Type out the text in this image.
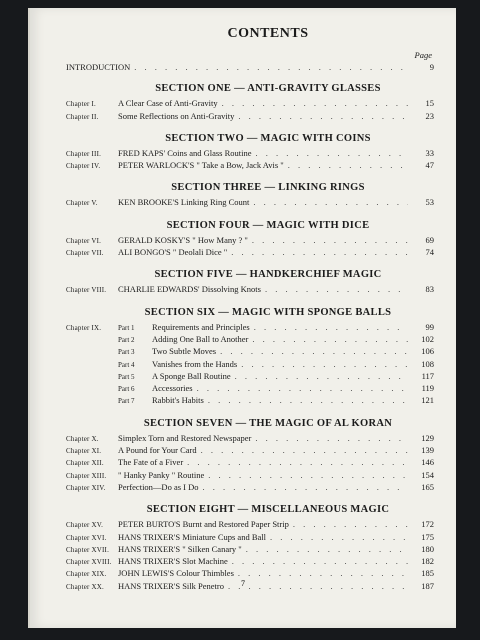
CONTENTS
Page
INTRODUCTION . . .	9
SECTION ONE — ANTI-GRAVITY GLASSES
Chapter I.	A Clear Case of Anti-Gravity . . .	15
Chapter II.	Some Reflections on Anti-Gravity . . .	23
SECTION TWO — MAGIC WITH COINS
Chapter III.	FRED KAPS' Coins and Glass Routine . . .	33
Chapter IV.	PETER WARLOCK'S " Take a Bow, Jack Avis " . . .	47
SECTION THREE — LINKING RINGS
Chapter V.	KEN BROOKE'S Linking Ring Count . . .	53
SECTION FOUR — MAGIC WITH DICE
Chapter VI.	GERALD KOSKY'S " How Many ? " . . .	69
Chapter VII.	ALI BONGO'S " Deolali Dice " . . .	74
SECTION FIVE — HANDKERCHIEF MAGIC
Chapter VIII.	CHARLIE EDWARDS' Dissolving Knots . . .	83
SECTION SIX — MAGIC WITH SPONGE BALLS
Chapter IX.	Part 1	Requirements and Principles . . .	99
Part 2	Adding One Ball to Another . . .	102
Part 3	Two Subtle Moves . . .	106
Part 4	Vanishes from the Hands . . .	108
Part 5	A Sponge Ball Routine . . .	117
Part 6	Accessories . . .	119
Part 7	Rabbit's Habits . . .	121
SECTION SEVEN — THE MAGIC OF AL KORAN
Chapter X.	Simplex Torn and Restored Newspaper . . .	129
Chapter XI.	A Pound for Your Card . . .	139
Chapter XII.	The Fate of a Fiver . . .	146
Chapter XIII.	" Hanky Panky " Routine . . .	154
Chapter XIV.	Perfection—Do as I Do . . .	165
SECTION EIGHT — MISCELLANEOUS MAGIC
Chapter XV.	PETER BURTO'S Burnt and Restored Paper Strip . . .	172
Chapter XVI.	HANS TRIXER'S Miniature Cups and Ball . . .	175
Chapter XVII.	HANS TRIXER'S " Silken Canary " . . .	180
Chapter XVIII. HANS TRIXER'S Slot Machine . . .	182
Chapter XIX.	JOHN LEWIS'S Colour Thimbles . . .	185
Chapter XX.	HANS TRIXER'S Silk Penetro . . .	187
7
